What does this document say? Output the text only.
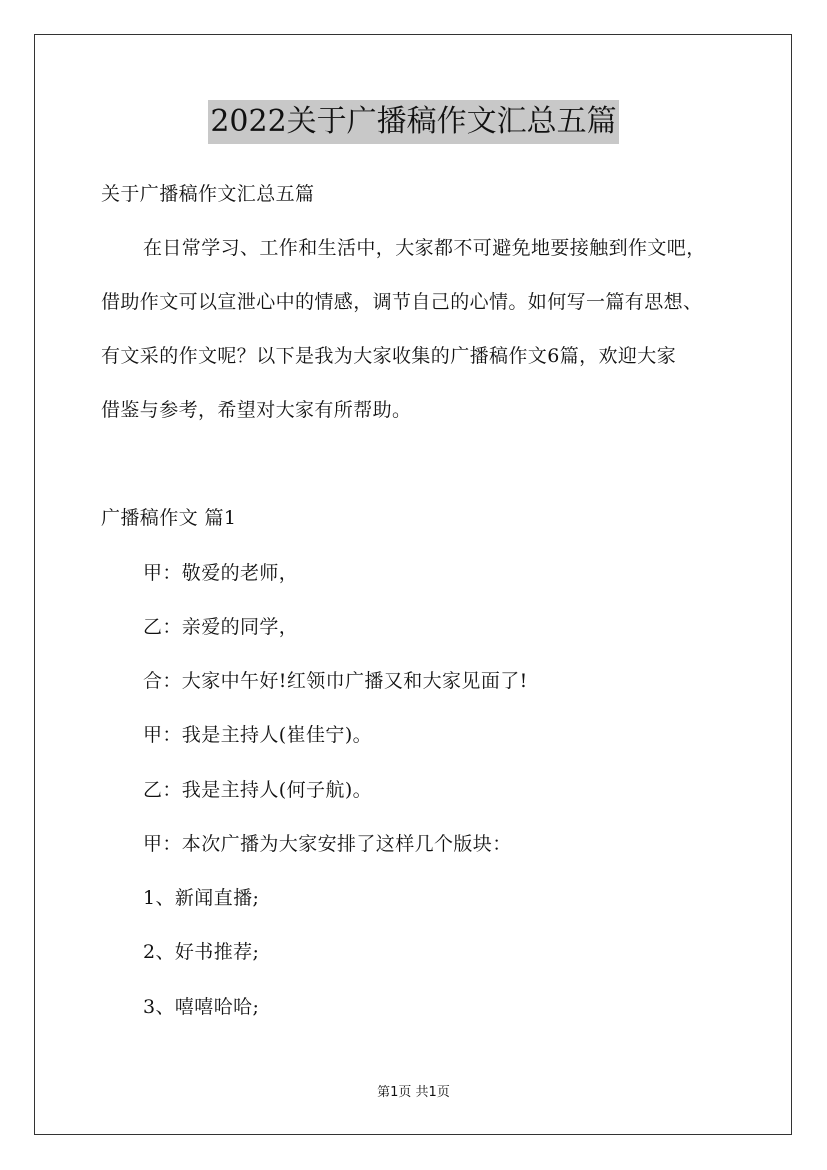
2022关于广播稿作文汇总五篇
关于广播稿作文汇总五篇
在日常学习、工作和生活中，大家都不可避免地要接触到作文吧，
借助作文可以宣泄心中的情感，调节自己的心情。如何写一篇有思想、
有文采的作文呢？以下是我为大家收集的广播稿作文6篇，欢迎大家
借鉴与参考，希望对大家有所帮助。
广播稿作文 篇1
甲：敬爱的老师，
乙：亲爱的同学，
合：大家中午好!红领巾广播又和大家见面了!
甲：我是主持人(崔佳宁)。
乙：我是主持人(何子航)。
甲：本次广播为大家安排了这样几个版块：
1、新闻直播;
2、好书推荐;
3、嘻嘻哈哈;
第1页 共1页
